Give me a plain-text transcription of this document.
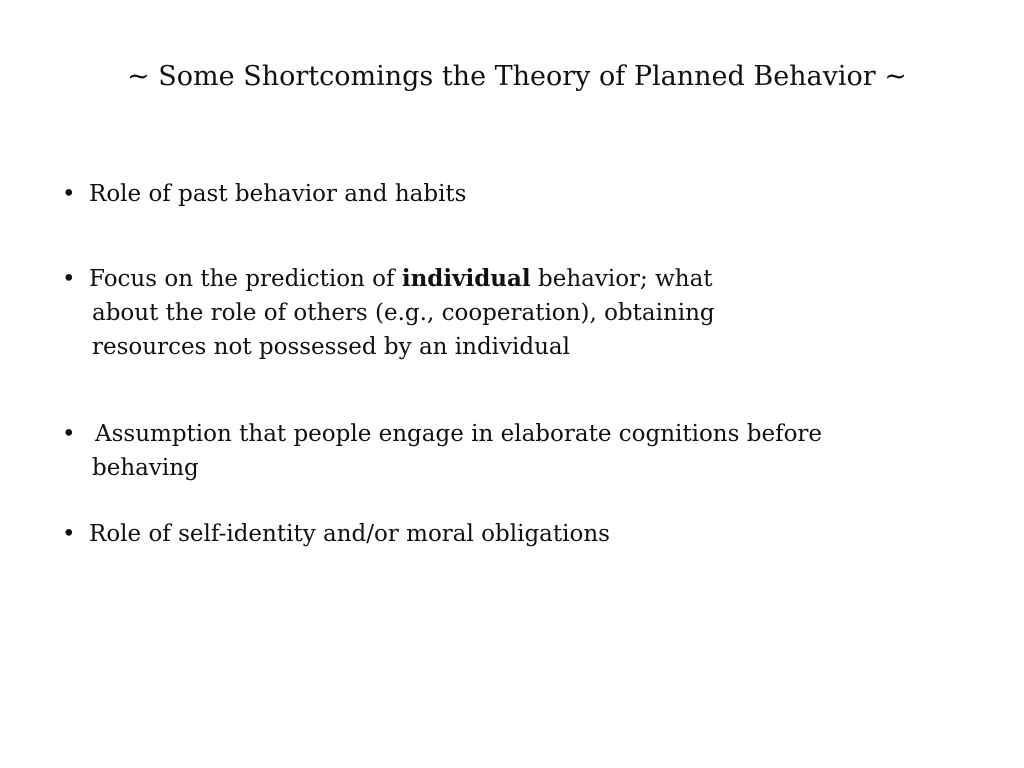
~ Some Shortcomings the Theory of Planned Behavior ~
• Role of past behavior and habits
• Focus on the prediction of individual behavior; what
about the role of others (e.g., cooperation), obtaining
resources not possessed by an individual
• Assumption that people engage in elaborate cognitions before
behaving
• Role of self-identity and/or moral obligations
